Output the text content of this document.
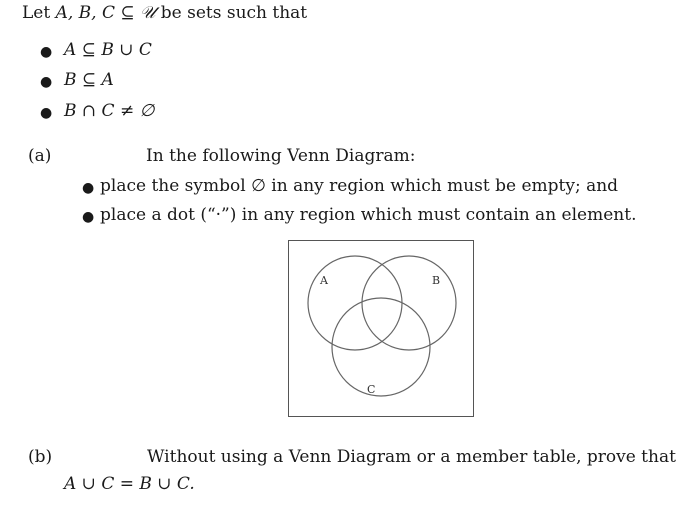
Let A, B, C ⊆ 𝒰 be sets such that
● A ⊆ B ∪ C
● B ⊆ A
● B ∩ C ≠ ∅
(a)	In the following Venn Diagram:
● place the symbol ∅ in any region which must be empty; and
● place a dot (“·”) in any region which must contain an element.
A	B
C
(b)	Without using a Venn Diagram or a member table, prove that
A ∪ C = B ∪ C.
